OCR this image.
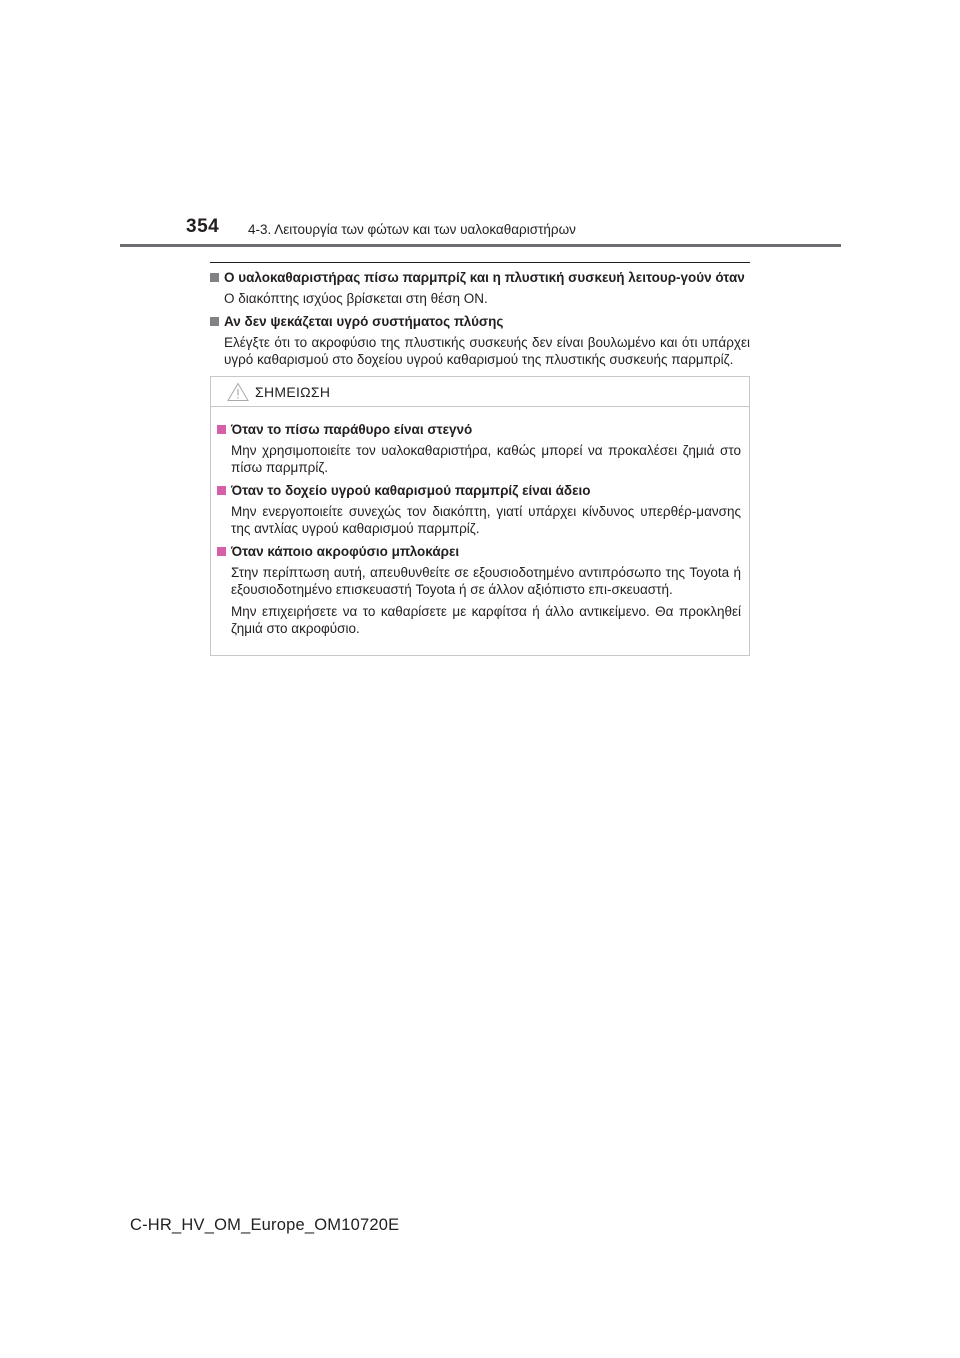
354 4-3. Λειτουργία των φώτων και των υαλοκαθαριστήρων
Ο υαλοκαθαριστήρας πίσω παρμπρίζ και η πλυστική συσκευή λειτουρ-γούν όταν
Ο διακόπτης ισχύος βρίσκεται στη θέση ON.
Αν δεν ψεκάζεται υγρό συστήματος πλύσης
Ελέγξτε ότι το ακροφύσιο της πλυστικής συσκευής δεν είναι βουλωμένο και ότι υπάρχει υγρό καθαρισμού στο δοχείου υγρού καθαρισμού της πλυστικής συσκευής παρμπρίζ.
ΣΗΜΕΙΩΣΗ
Όταν το πίσω παράθυρο είναι στεγνό

Μην χρησιμοποιείτε τον υαλοκαθαριστήρα, καθώς μπορεί να προκαλέσει ζημιά στο πίσω παρμπρίζ.

Όταν το δοχείο υγρού καθαρισμού παρμπρίζ είναι άδειο

Μην ενεργοποιείτε συνεχώς τον διακόπτη, γιατί υπάρχει κίνδυνος υπερθέρ-μανσης της αντλίας υγρού καθαρισμού παρμπρίζ.

Όταν κάποιο ακροφύσιο μπλοκάρει

Στην περίπτωση αυτή, απευθυνθείτε σε εξουσιοδοτημένο αντιπρόσωπο της Toyota ή εξουσιοδοτημένο επισκευαστή Toyota ή σε άλλον αξιόπιστο επι-σκευαστή.

Μην επιχειρήσετε να το καθαρίσετε με καρφίτσα ή άλλο αντικείμενο. Θα προκληθεί ζημιά στο ακροφύσιο.

C-HR_HV_OM_Europe_OM10720E
